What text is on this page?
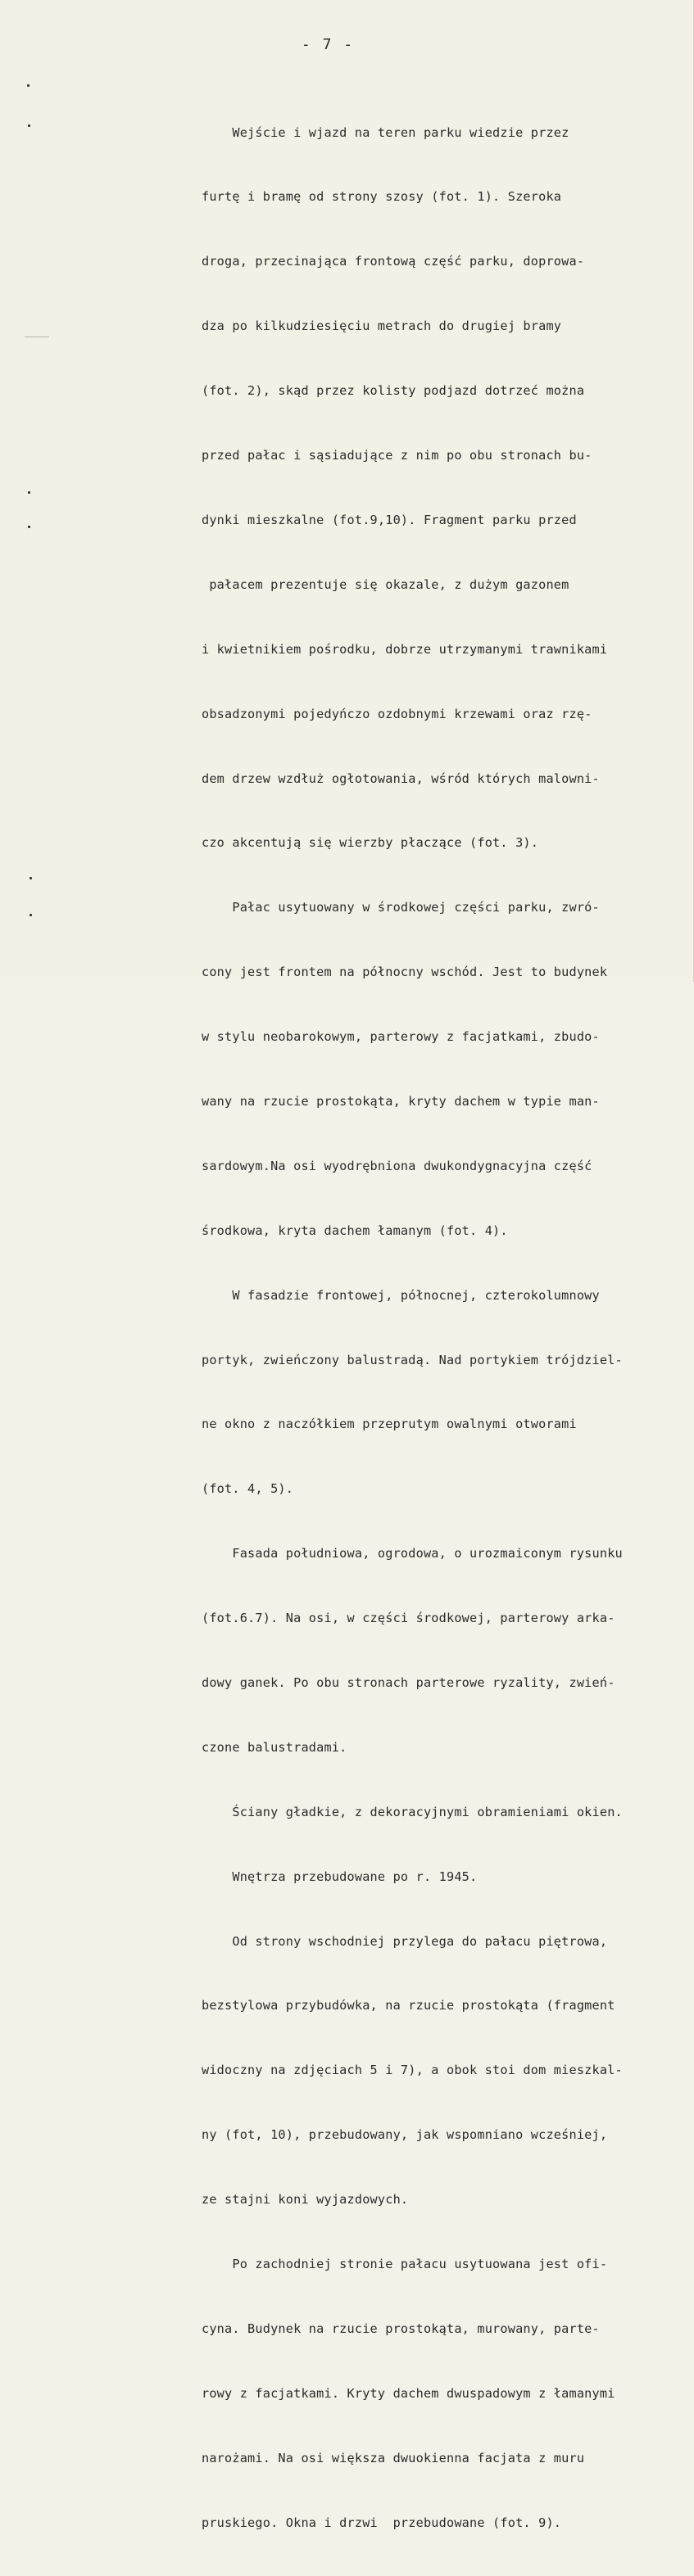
- 7 -

Wejście i wjazd na teren parku wiedzie przez

furtę i bramę od strony szosy (fot. 1). Szeroka

droga, przecinająca frontową część parku, doprowa-

dza po kilkudziesięciu metrach do drugiej bramy

(fot. 2), skąd przez kolisty podjazd dotrzeć można

przed pałac i sąsiadujące z nim po obu stronach bu-

dynki mieszkalne (fot.9,10). Fragment parku przed

pałacem prezentuje się okazale, z dużym gazonem

i kwietnikiem pośrodku, dobrze utrzymanymi trawnikami

obsadzonymi pojedyńczo ozdobnymi krzewami oraz rzę-

dem drzew wzdłuż ogłotowania, wśród których malowni-

czo akcentują się wierzby płaczące (fot. 3).

Pałac usytuowany w środkowej części parku, zwró-

cony jest frontem na północny wschód. Jest to budynek

w stylu neobarokowym, parterowy z facjatkami, zbudo-

wany na rzucie prostokąta, kryty dachem w typie man-

sardowym.Na osi wyodrębniona dwukondygnacyjna część

środkowa, kryta dachem łamanym (fot. 4).

W fasadzie frontowej, północnej, czterokolumnowy

portyk, zwieńczony balustradą. Nad portykiem trójdziel-

ne okno z naczółkiem przeprutym owalnymi otworami

(fot. 4, 5).

Fasada południowa, ogrodowa, o urozmaiconym rysunku

(fot.6.7). Na osi, w części środkowej, parterowy arka-

dowy ganek. Po obu stronach parterowe ryzality, zwień-

czone balustradami.

Ściany gładkie, z dekoracyjnymi obramieniami okien.

Wnętrza przebudowane po r. 1945.

Od strony wschodniej przylega do pałacu piętrowa,

bezstylowa przybudówka, na rzucie prostokąta (fragment

widoczny na zdjęciach 5 i 7), a obok stoi dom mieszkal-

ny (fot, 10), przebudowany, jak wspomniano wcześniej,

ze stajni koni wyjazdowych.

Po zachodniej stronie pałacu usytuowana jest ofi-

cyna. Budynek na rzucie prostokąta, murowany, parte-

rowy z facjatkami. Kryty dachem dwuspadowym z łamanymi

narożami. Na osi większa dwuokienna facjata z muru

pruskiego. Okna i drzwi  przebudowane (fot. 9).
